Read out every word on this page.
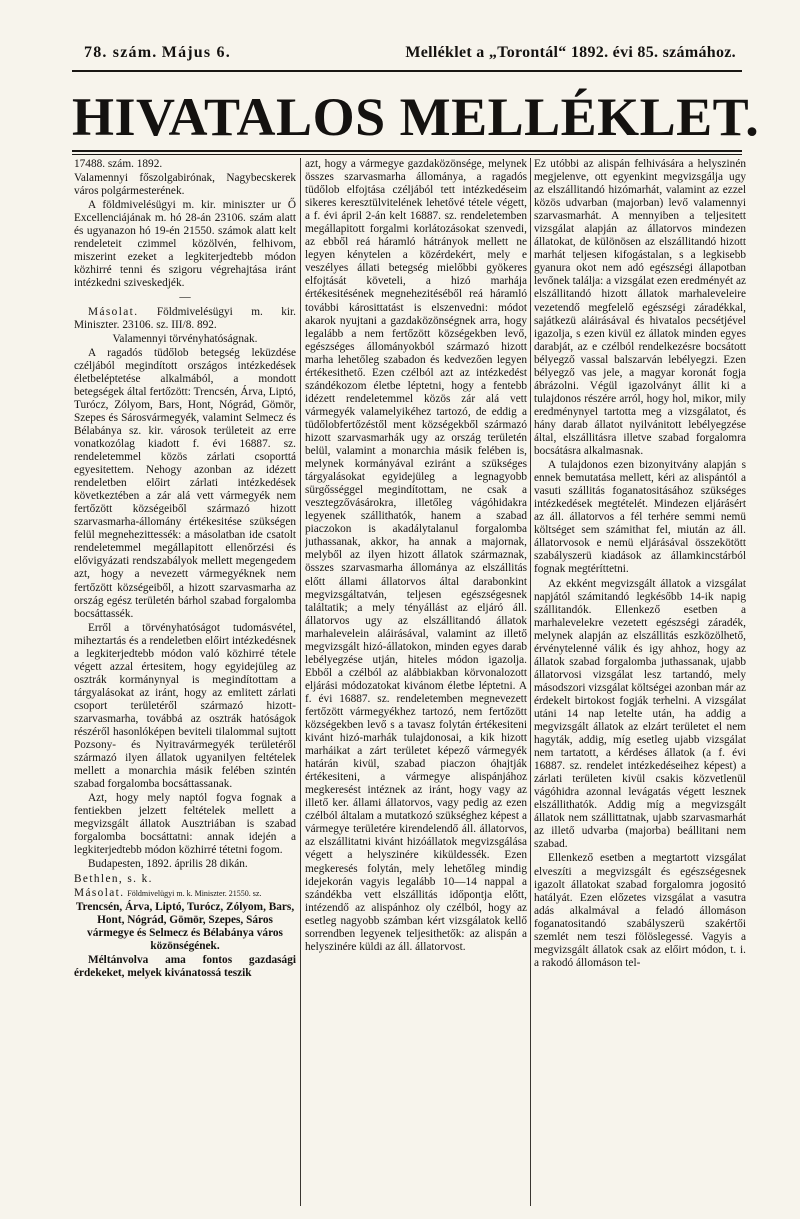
78. szám. Május 6.	Melléklet a „Torontál“ 1892. évi 85. számához.
HIVATALOS MELLÉKLET.

17488. szám. 1892.

Valamennyi főszolgabirónak, Nagybecskerek város polgármesterének.

A földmivelésügyi m. kir. miniszter ur Ő Excellenciájának m. hó 28-án 23106. szám alatt és ugyanazon hó 19-én 21550. számok alatt kelt rendeleteit czimmel közölvén, felhivom, miszerint ezeket a legkiterjedtebb módon közhirré tenni és szigoru végrehajtása iránt intézkedni sziveskedjék.

—

Másolat. Földmivelésügyi m. kir. Miniszter. 23106. sz. III/8. 892.

Valamennyi törvényhatóságnak.

A ragadós tüdőlob betegség leküzdése czéljából megindított országos intézkedések életbeléptetése alkalmából, a mondott betegségek által fertőzött: Trencsén, Árva, Liptó, Turócz, Zólyom, Bars, Hont, Nógrád, Gömör, Szepes és Sárosvármegyék, valamint Selmecz és Bélabánya sz. kir. városok területeit az erre vonatkozólag kiadott f. évi 16887. sz. rendeletemmel közös zárlati csoporttá egyesitettem. Nehogy azonban az idézett rendeletben előirt zárlati intézkedések következtében a zár alá vett vármegyék nem fertőzött községeiből származó hizott szarvasmarha-állomány értékesitése szükségen felül megnehezittessék: a másolatban ide csatolt rendeletemmel megállapitott ellenőrzési és elővigyázati rendszabályok mellett megengedem azt, hogy a nevezett vármegyéknek nem fertőzött községeiből, a hizott szarvasmarha az ország egész területén bárhol szabad forgalomba bocsáttassék.

Erről a törvényhatóságot tudomásvétel, miheztartás és a rendeletben előirt intézkedésnek a legkiterjedtebb módon való közhirré tétele végett azzal értesitem, hogy egyidejüleg az osztrák kormánynyal is megindítottam a tárgyalásokat az iránt, hogy az emlitett zárlati csoport területéről származó hizott-szarvasmarha, továbbá az osztrák hatóságok részéről hasonlóképen beviteli tilalommal sujtott Pozsony- és Nyitravármegyék területéről származó ilyen állatok ugyanilyen feltételek mellett a monarchia másik felében szintén szabad forgalomba bocsáttassanak.

Azt, hogy mely naptól fogva fognak a fentiekben jelzett feltételek mellett a megvizsgált állatok Ausztriában is szabad forgalomba bocsáttatni: annak idején a legkiterjedtebb módon közhirré tétetni fogom.

Budapesten, 1892. április 28 dikán.

Bethlen, s. k.

Másolat. Földmivelügyi m. k. Miniszter. 21550. sz.

Trencsén, Árva, Liptó, Turócz, Zólyom, Bars, Hont, Nógrád, Gömör, Szepes, Sáros vármegye és Selmecz és Bélabánya város közönségének.

Méltánvolva ama fontos gazdasági érdekeket, melyek kivánatossá teszik

azt, hogy a vármegye gazdaközönsége, melynek összes szarvasmarha állománya, a ragadós tüdőlob elfojtása czéljából tett intézkedéseim sikeres keresztülvitelének lehetővé tétele végett, a f. évi ápril 2-án kelt 16887. sz. rendeletemben megállapitott forgalmi korlátozásokat szenvedi, az ebből reá háramló hátrányok mellett ne legyen kénytelen a közérdekért, mely e veszélyes állati betegség mielőbbi gyökeres elfojtását követeli, a hizó marhája értékesitésének megnehezitéséből reá háramló további károsittatást is elszenvedni: módot akarok nyujtani a gazdaközönségnek arra, hogy legalább a nem fertőzött községekben levő, egészséges állományokból származó hizott marha lehetőleg szabadon és kedvezően legyen értékesithető. Ezen czélból azt az intézkedést szándékozom életbe léptetni, hogy a fentebb idézett rendeletemmel közös zár alá vett vármegyék valamelyikéhez tartozó, de eddig a tüdőlobfertőzéstől ment községekből származó hizott szarvasmarhák ugy az ország területén belül, valamint a monarchia másik felében is, melynek kormányával eziránt a szükséges tárgyalásokat egyidejüleg a legnagyobb sürgősséggel megindítottam, ne csak a vesztegzővásárokra, illetőleg vágóhidakra legyenek szállithatók, hanem a szabad piaczokon is akadálytalanul forgalomba juthassanak, akkor, ha annak a majornak, melyből az ilyen hizott állatok származnak, összes szarvasmarha állománya az elszállitás előtt állami állatorvos által darabonkint megvizsgáltatván, teljesen egészségesnek találtatik; a mely tényállást az eljáró áll. állatorvos ugy az elszállitandó állatok marhalevelein aláirásával, valamint az illető megvizsgált hizó-állatokon, minden egyes darab lebélyegzése utján, hiteles módon igazolja. Ebből a czélból az alábbiakban körvonalozott eljárási módozatokat kivánom életbe léptetni. A f. évi 16887. sz. rendeletemben megnevezett fertőzött vármegyékhez tartozó, nem fertőzött községekben levő s a tavasz folytán értékesiteni kivánt hizó-marhák tulajdonosai, a kik hizott marháikat a zárt területet képező vármegyék határán kivül, szabad piaczon óhajtják értékesiteni, a vármegye alispánjához megkeresést intéznek az iránt, hogy vagy az illető ker. állami állatorvos, vagy pedig az ezen czélból általam a mutatkozó szükséghez képest a vármegye területére kirendelendő áll. állatorvos, az elszállitatni kivánt hizóállatok megvizsgálása végett a helyszinére kiküldessék. Ezen megkeresés folytán, mely lehetőleg mindig idejekorán vagyis legalább 10—14 nappal a szándékba vett elszállitás időpontja előtt, intézendő az alispánhoz oly czélból, hogy az esetleg nagyobb számban kért vizsgálatok kellő sorrendben legyenek teljesithetők: az alispán a helyszinére küldi az áll. állatorvost.

Ez utóbbi az alispán felhivására a helyszinén megjelenve, ott egyenkint megvizsgálja ugy az elszállitandó hizómarhát, valamint az ezzel közös udvarban (majorban) levő valamennyi szarvasmarhát. A mennyiben a teljesitett vizsgálat alapján az állatorvos mindezen állatokat, de különösen az elszállitandó hizott marhát teljesen kifogástalan, s a legkisebb gyanura okot nem adó egészségi állapotban levőnek találja: a vizsgálat ezen eredményét az elszállitandó hizott állatok marhaleveleire vezetendő megfelelő egészségi záradékkal, sajátkezü aláirásával és hivatalos pecsétjével igazolja, s ezen kivül ez állatok minden egyes darabját, az e czélból rendelkezésre bocsátott bélyegző vassal balszarván lebélyegzi. Ezen bélyegző vas jele, a magyar koronát fogja ábrázolni. Végül igazolványt állit ki a tulajdonos részére arról, hogy hol, mikor, mily eredménynyel tartotta meg a vizsgálatot, és hány darab állatot nyilvánitott lebélyegzése által, elszállitásra illetve szabad forgalomra bocsátásra alkalmasnak.

A tulajdonos ezen bizonyitvány alapján s ennek bemutatása mellett, kéri az alispántól a vasuti szállitás foganatositásához szükséges intézkedések megtételét. Mindezen eljárásért az áll. állatorvos a fél terhére semmi nemü költséget sem számithat fel, miután az áll. állatorvosok e nemü eljárásával összekötött szabályszerü kiadások az államkincstárból fognak megtéríttetni.

Az ekként megvizsgált állatok a vizsgálat napjától számitandó legkésőbb 14-ik napig szállitandók. Ellenkező esetben a marhalevelekre vezetett egészségi záradék, melynek alapján az elszállitás eszközölhető, érvénytelenné válik és igy ahhoz, hogy az állatok szabad forgalomba juthassanak, ujabb állatorvosi vizsgálat lesz tartandó, mely másodszori vizsgálat költségei azonban már az érdekelt birtokost fogják terhelni. A vizsgálat utáni 14 nap letelte után, ha addig a megvizsgált állatok az elzárt területet el nem hagyták, addig, míg esetleg ujabb vizsgálat nem tartatott, a kérdéses állatok (a f. évi 16887. sz. rendelet intézkedéseihez képest) a zárlati területen kivül csakis közvetlenül vágóhidra azonnal levágatás végett lesznek elszállithatók. Addig míg a megvizsgált állatok nem szállittatnak, ujabb szarvasmarhát az illető udvarba (majorba) beállitani nem szabad.

Ellenkező esetben a megtartott vizsgálat elveszíti a megvizsgált és egészségesnek igazolt állatokat szabad forgalomra jogositó hatályát. Ezen előzetes vizsgálat a vasutra adás alkalmával a feladó állomáson foganatositandó szabályszerü szakértői szemlét nem teszi fölöslegessé. Vagyis a megvizsgált állatok csak az előirt módon, t. i. a rakodó állomáson tel-
